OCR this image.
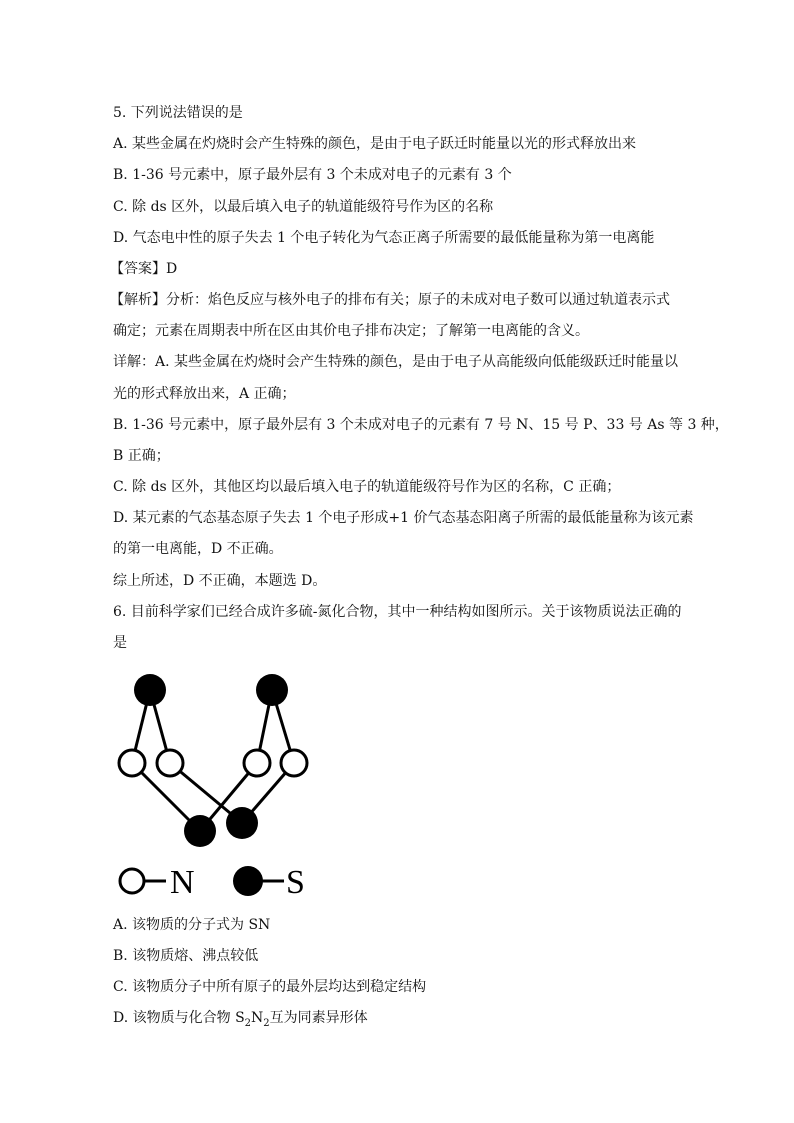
5. 下列说法错误的是
A. 某些金属在灼烧时会产生特殊的颜色，是由于电子跃迁时能量以光的形式释放出来
B. 1-36 号元素中，原子最外层有 3 个未成对电子的元素有 3 个
C. 除 ds 区外，以最后填入电子的轨道能级符号作为区的名称
D. 气态电中性的原子失去 1 个电子转化为气态正离子所需要的最低能量称为第一电离能
【答案】D
【解析】分析：焰色反应与核外电子的排布有关；原子的未成对电子数可以通过轨道表示式
确定；元素在周期表中所在区由其价电子排布决定；了解第一电离能的含义。
详解：A. 某些金属在灼烧时会产生特殊的颜色，是由于电子从高能级向低能级跃迁时能量以
光的形式释放出来，A 正确；
B. 1-36 号元素中，原子最外层有 3 个未成对电子的元素有 7 号 N、15 号 P、33 号 As 等 3 种，
B 正确；
C. 除 ds 区外，其他区均以最后填入电子的轨道能级符号作为区的名称，C 正确；
D. 某元素的气态基态原子失去 1 个电子形成+1 价气态基态阳离子所需的最低能量称为该元素
的第一电离能，D 不正确。
综上所述，D 不正确，本题选 D。
6. 目前科学家们已经合成许多硫-氮化合物，其中一种结构如图所示。关于该物质说法正确的
是
N	S
A. 该物质的分子式为 SN
B. 该物质熔、沸点较低
C. 该物质分子中所有原子的最外层均达到稳定结构
D. 该物质与化合物 $S_2N_2$互为同素异形体
